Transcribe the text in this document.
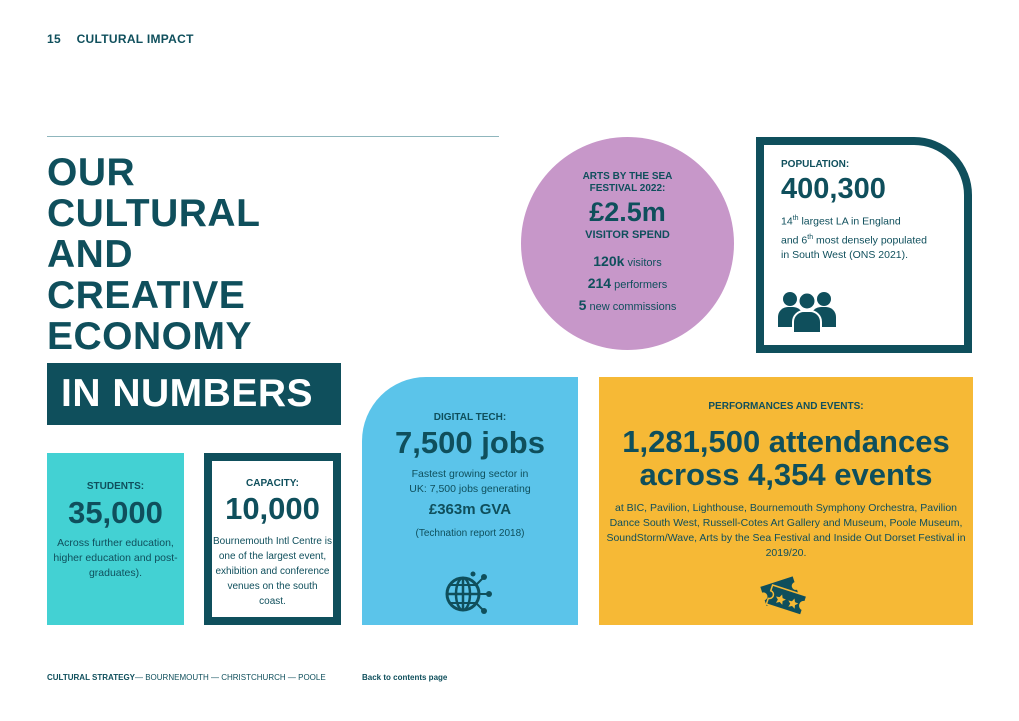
15 CULTURAL IMPACT
OUR
CULTURAL
AND
CREATIVE
ECONOMY
IN NUMBERS
STUDENTS:
35,000
Across further education, higher education and post-graduates).
CAPACITY:
10,000
Bournemouth Intl Centre is one of the largest event, exhibition and conference venues on the south coast.
DIGITAL TECH:
7,500 jobs
Fastest growing sector in UK: 7,500 jobs generating
£363m GVA
(Technation report 2018)
PERFORMANCES AND EVENTS:
1,281,500 attendances
across 4,354 events
at BIC, Pavilion, Lighthouse, Bournemouth Symphony Orchestra, Pavilion Dance South West, Russell-Cotes Art Gallery and Museum, Poole Museum, SoundStorm/Wave, Arts by the Sea Festival and Inside Out Dorset Festival in 2019/20.
ARTS BY THE SEA
FESTIVAL 2022:
£2.5m
VISITOR SPEND
120k visitors
214 performers
5 new commissions
POPULATION:
400,300
14th largest LA in England
and 6th most densely populated
in South West (ONS 2021).
CULTURAL STRATEGY— BOURNEMOUTH — CHRISTCHURCH — POOLE	Back to contents page
